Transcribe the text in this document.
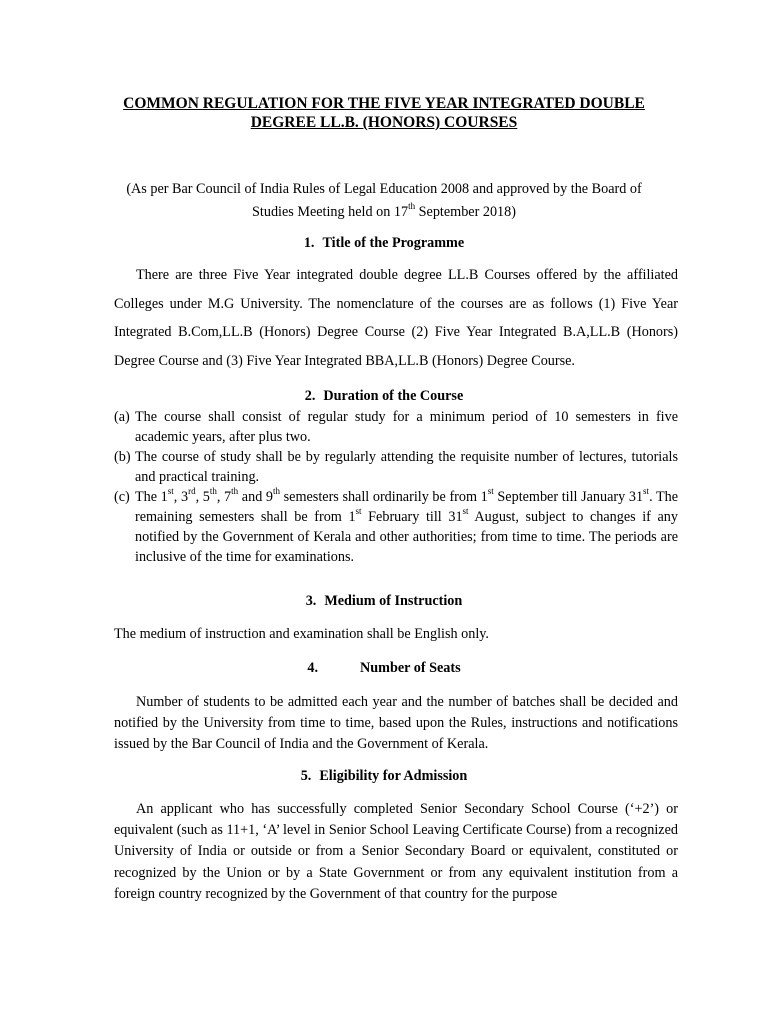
COMMON REGULATION FOR THE FIVE YEAR INTEGRATED DOUBLE
DEGREE LL.B. (HONORS) COURSES
(As per Bar Council of India Rules of Legal Education 2008 and approved by the Board of
Studies Meeting held on 17th September 2018)
1. Title of the Programme

There are three Five Year integrated double degree LL.B Courses offered by the affiliated Colleges under M.G University. The nomenclature of the courses are as follows (1) Five Year Integrated B.Com,LL.B (Honors) Degree Course (2) Five Year Integrated B.A,LL.B (Honors) Degree Course and (3) Five Year Integrated BBA,LL.B (Honors) Degree Course.

2. Duration of the Course
(a) The course shall consist of regular study for a minimum period of 10 semesters in five academic years, after plus two.
(b) The course of study shall be by regularly attending the requisite number of lectures, tutorials and practical training.
(c) The 1st, 3rd, 5th, 7th and 9th semesters shall ordinarily be from 1st September till January 31st. The remaining semesters shall be from 1st February till 31st August, subject to changes if any notified by the Government of Kerala and other authorities; from time to time. The periods are inclusive of the time for examinations.
3. Medium of Instruction

The medium of instruction and examination shall be English only.

4.	Number of Seats

Number of students to be admitted each year and the number of batches shall be decided and notified by the University from time to time, based upon the Rules, instructions and notifications issued by the Bar Council of India and the Government of Kerala.

5. Eligibility for Admission

An applicant who has successfully completed Senior Secondary School Course (‘+2’) or equivalent (such as 11+1, ‘A’ level in Senior School Leaving Certificate Course) from a recognized University of India or outside or from a Senior Secondary Board or equivalent, constituted or recognized by the Union or by a State Government or from any equivalent institution from a foreign country recognized by the Government of that country for the purpose
